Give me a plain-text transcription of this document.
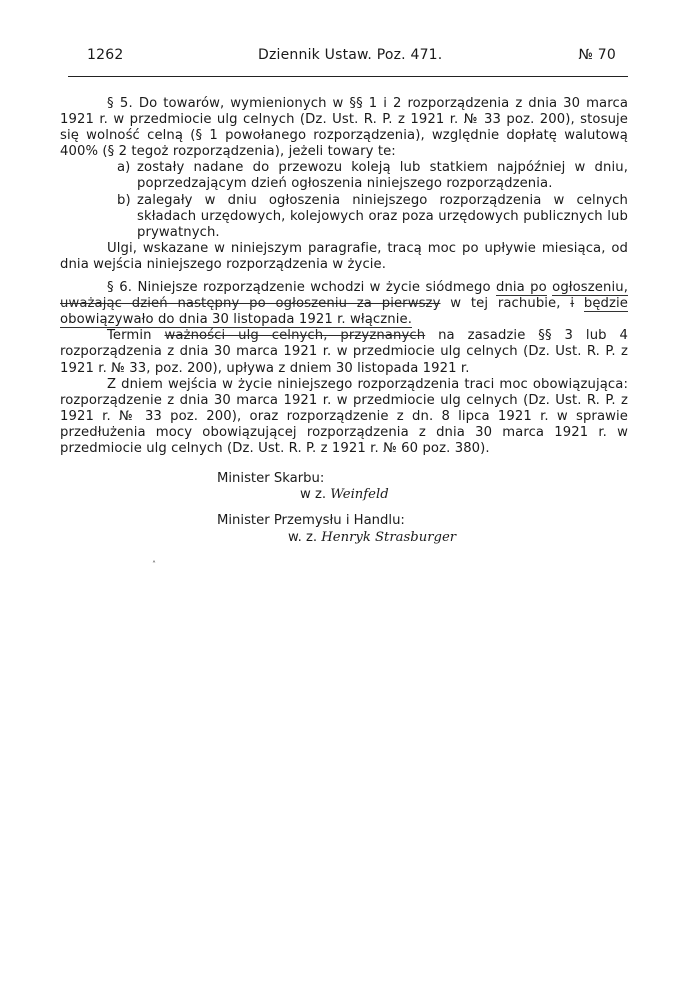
1262	Dziennik Ustaw. Poz. 471.	№ 70

§ 5. Do towarów, wymienionych w §§ 1 i 2 rozporządzenia z dnia 30 marca 1921 r. w przedmiocie ulg celnych (Dz. Ust. R. P. z 1921 r. № 33 poz. 200), stosuje się wolność celną (§ 1 powołanego rozporządzenia), względnie dopłatę walutową 400% (§ 2 tegoż rozporządzenia), jeżeli towary te:

a) zostały nadane do przewozu koleją lub statkiem najpóźniej w dniu, poprzedzającym dzień ogłoszenia niniejszego rozporządzenia.

b) zalegały w dniu ogłoszenia niniejszego rozporządzenia w celnych składach urzędowych, kolejowych oraz poza urzędowych publicznych lub prywatnych.

Ulgi, wskazane w niniejszym paragrafie, tracą moc po upływie miesiąca, od dnia wejścia niniejszego rozporządzenia w życie.

§ 6. Niniejsze rozporządzenie wchodzi w życie siódmego dnia po ogłoszeniu, uważając dzień następny po ogłoszeniu za pierwszy w tej rachubie, i będzie obowiązywało do dnia 30 listopada 1921 r. włącznie.

Termin ważności ulg celnych, przyznanych na zasadzie §§ 3 lub 4 rozporządzenia z dnia 30 marca 1921 r. w przedmiocie ulg celnych (Dz. Ust. R. P. z 1921 r. № 33, poz. 200), upływa z dniem 30 listopada 1921 r.

Z dniem wejścia w życie niniejszego rozporządzenia traci moc obowiązująca: rozporządzenie z dnia 30 marca 1921 r. w przedmiocie ulg celnych (Dz. Ust. R. P. z 1921 r. № 33 poz. 200), oraz rozporządzenie z dn. 8 lipca 1921 r. w sprawie przedłużenia mocy obowiązującej rozporządzenia z dnia 30 marca 1921 r. w przedmiocie ulg celnych (Dz. Ust. R. P. z 1921 r. № 60 poz. 380).

Minister Skarbu:
w z. Weinfeld
Minister Przemysłu i Handlu:
w. z. Henryk Strasburger
˄
